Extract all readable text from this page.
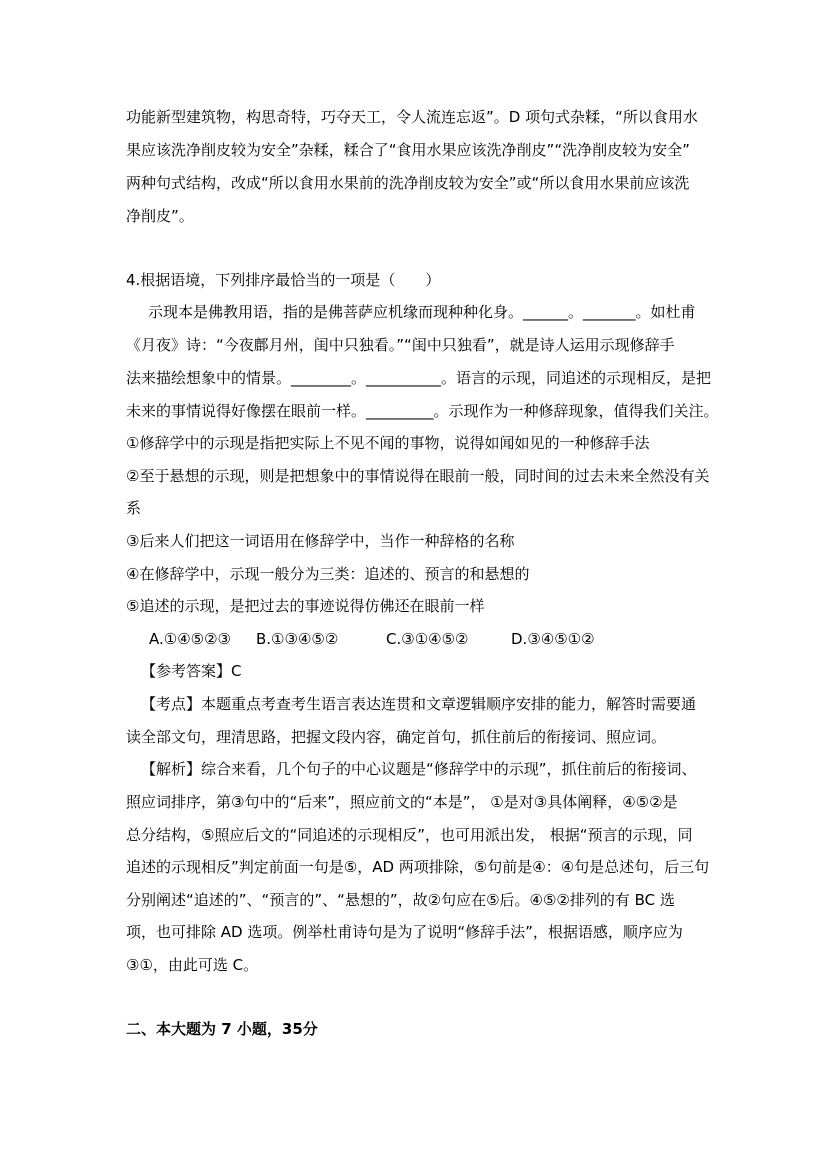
功能新型建筑物，构思奇特，巧夺天工，令人流连忘返”。D 项句式杂糅，“所以食用水
果应该洗净削皮较为安全”杂糅，糅合了“食用水果应该洗净削皮”“洗净削皮较为安全”
两种句式结构，改成“所以食用水果前的洗净削皮较为安全”或“所以食用水果前应该洗
净削皮”。
4.根据语境，下列排序最恰当的一项是（　　）
示现本是佛教用语，指的是佛菩萨应机缘而现种种化身。______。_______。如杜甫
《月夜》诗：“今夜鄜月州，闺中只独看。”“闺中只独看”，就是诗人运用示现修辞手
法来描绘想象中的情景。________。__________。语言的示现，同追述的示现相反，是把
未来的事情说得好像摆在眼前一样。_________。示现作为一种修辞现象，值得我们关注。
①修辞学中的示现是指把实际上不见不闻的事物，说得如闻如见的一种修辞手法
②至于悬想的示现，则是把想象中的事情说得在眼前一般，同时间的过去未来全然没有关
系
③后来人们把这一词语用在修辞学中，当作一种辞格的名称
④在修辞学中，示现一般分为三类：追述的、预言的和悬想的
⑤追述的示现，是把过去的事迹说得仿佛还在眼前一样
A.①④⑤②③ B.①③④⑤②	C.③①④⑤②	D.③④⑤①②
【参考答案】C
【考点】本题重点考查考生语言表达连贯和文章逻辑顺序安排的能力，解答时需要通
读全部文句，理清思路，把握文段内容，确定首句，抓住前后的衔接词、照应词。
【解析】综合来看，几个句子的中心议题是“修辞学中的示现”，抓住前后的衔接词、
照应词排序，第③句中的“后来”，照应前文的“本是”， ①是对③具体阐释，④⑤②是
总分结构，⑤照应后文的“同追述的示现相反”，也可用派出发， 根据“预言的示现，同
追述的示现相反”判定前面一句是⑤，AD 两项排除，⑤句前是④：④句是总述句，后三句
分别阐述“追述的”、“预言的”、“悬想的”，故②句应在⑤后。④⑤②排列的有 BC 选
项，也可排除 AD 选项。例举杜甫诗句是为了说明“修辞手法”，根据语感，顺序应为
③①，由此可选 C。
二、本大题为 7 小题，35分
